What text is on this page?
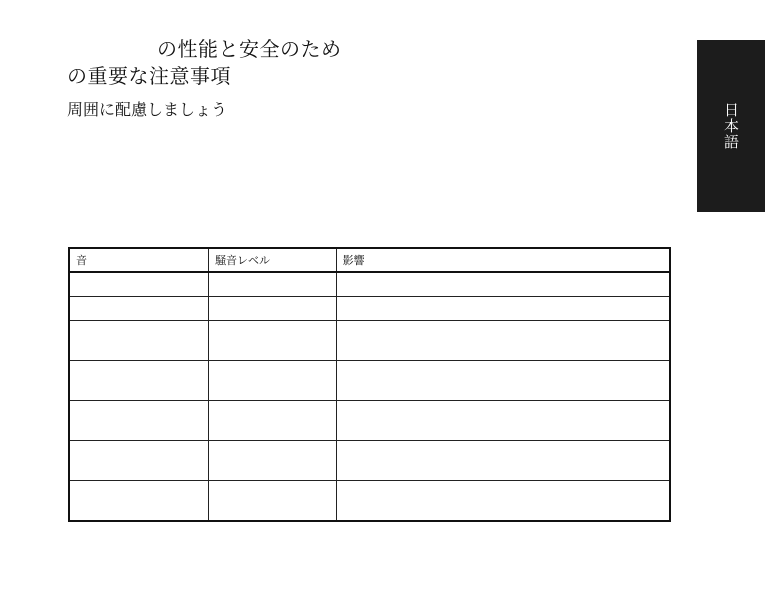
の性能と安全のため
の重要な注意事項
周囲に配慮しましょう	日本語
音	騒音レベル	影響
